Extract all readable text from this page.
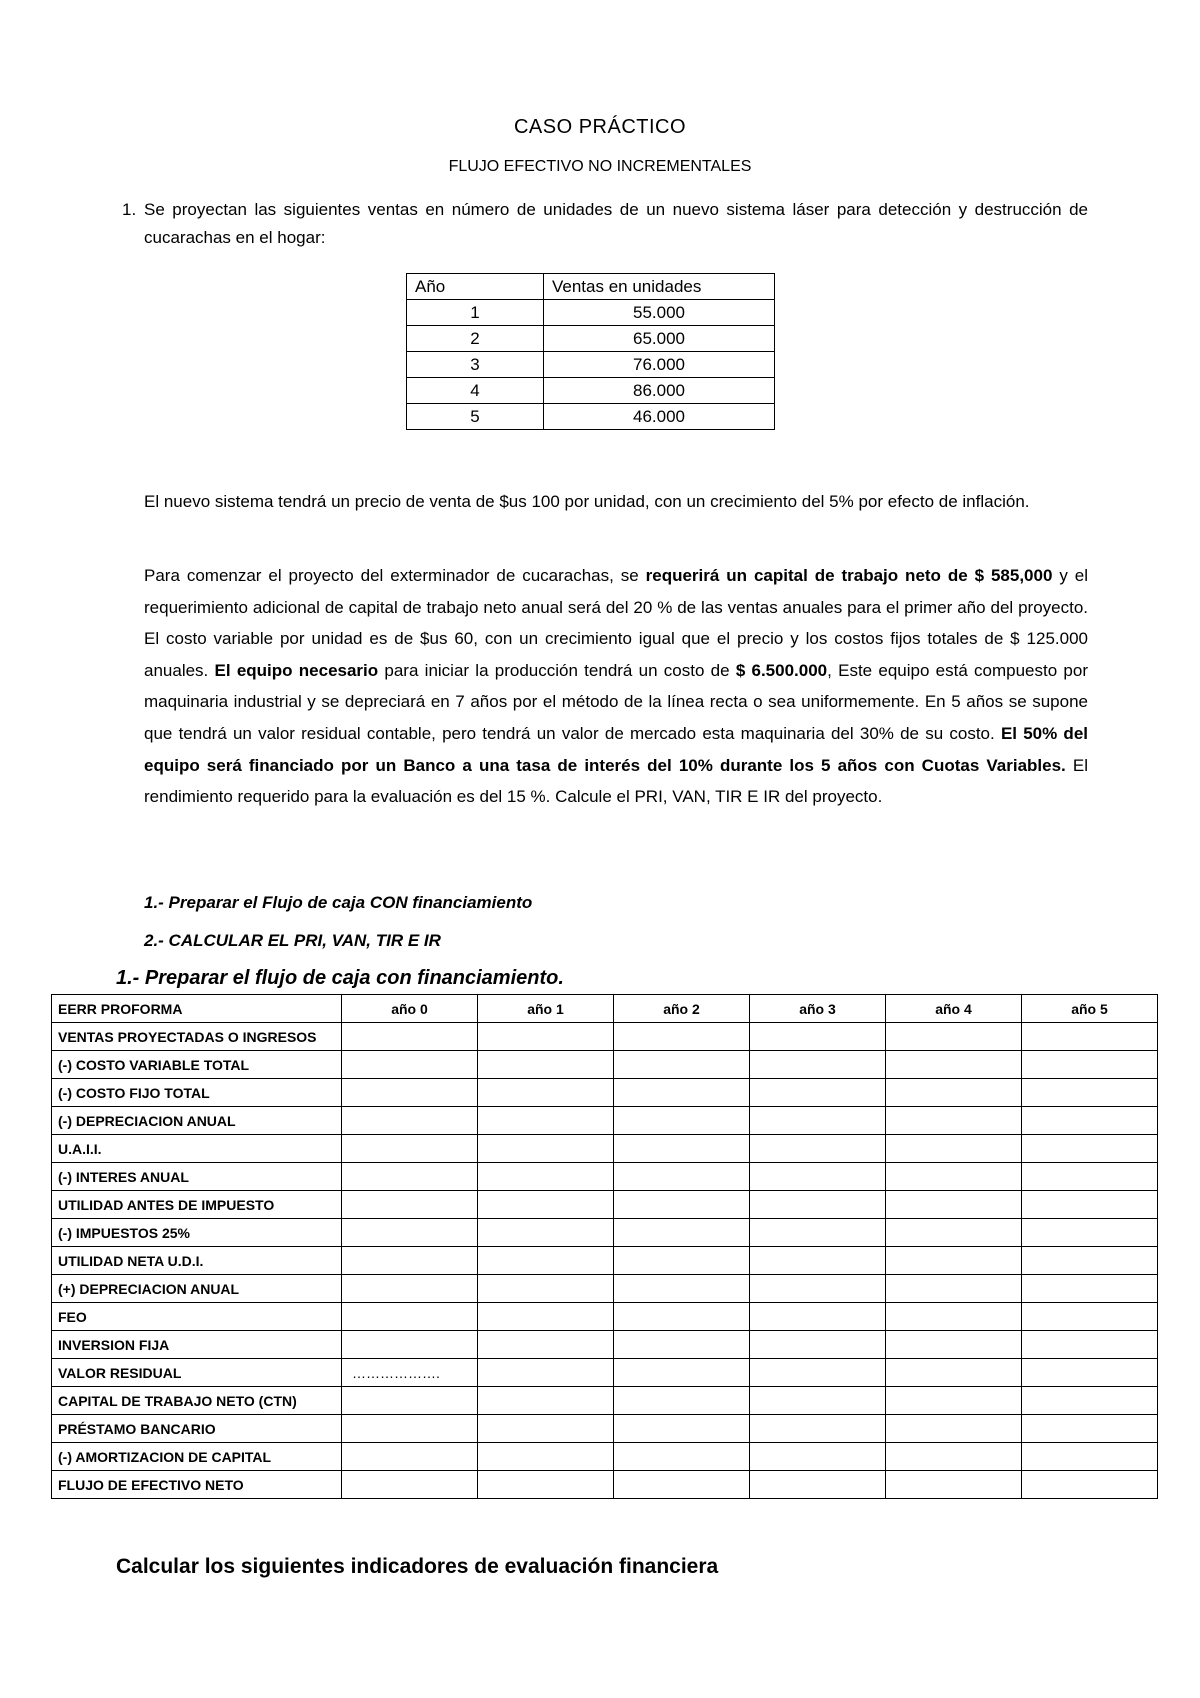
CASO PRÁCTICO
FLUJO EFECTIVO NO INCREMENTALES
1. Se proyectan las siguientes ventas en número de unidades de un nuevo sistema láser para detección y destrucción de cucarachas en el hogar:
Año	Ventas en unidades
1	55.000
2	65.000
3	76.000
4	86.000
5	46.000
El nuevo sistema tendrá un precio de venta de $us 100 por unidad, con un crecimiento del 5% por efecto de inflación.
Para comenzar el proyecto del exterminador de cucarachas, se requerirá un capital de trabajo neto de $ 585,000 y el requerimiento adicional de capital de trabajo neto anual será del 20 % de las ventas anuales para el primer año del proyecto. El costo variable por unidad es de $us 60, con un crecimiento igual que el precio y los costos fijos totales de $ 125.000 anuales. El equipo necesario para iniciar la producción tendrá un costo de $ 6.500.000, Este equipo está compuesto por maquinaria industrial y se depreciará en 7 años por el método de la línea recta o sea uniformemente. En 5 años se supone que tendrá un valor residual contable, pero tendrá un valor de mercado esta maquinaria del 30% de su costo. El 50% del equipo será financiado por un Banco a una tasa de interés del 10% durante los 5 años con Cuotas Variables. El rendimiento requerido para la evaluación es del 15 %. Calcule el PRI, VAN, TIR E IR del proyecto.
1.- Preparar el Flujo de caja CON financiamiento
2.- CALCULAR EL PRI, VAN, TIR E IR
1.- Preparar el flujo de caja con financiamiento.
EERR PROFORMA	año 0	año 1	año 2	año 3	año 4	año 5
VENTAS PROYECTADAS O INGRESOS						
(-) COSTO VARIABLE TOTAL						
(-) COSTO FIJO TOTAL						
(-) DEPRECIACION ANUAL						
U.A.I.I.						
(-) INTERES ANUAL						
UTILIDAD ANTES DE IMPUESTO						
(-) IMPUESTOS 25%						
UTILIDAD NETA U.D.I.						
(+) DEPRECIACION ANUAL						
FEO						
INVERSION FIJA						
VALOR RESIDUAL	……………….					
CAPITAL DE TRABAJO NETO (CTN)						
PRÉSTAMO BANCARIO						
(-) AMORTIZACION DE CAPITAL						
FLUJO DE EFECTIVO NETO						
Calcular los siguientes indicadores de evaluación financiera
